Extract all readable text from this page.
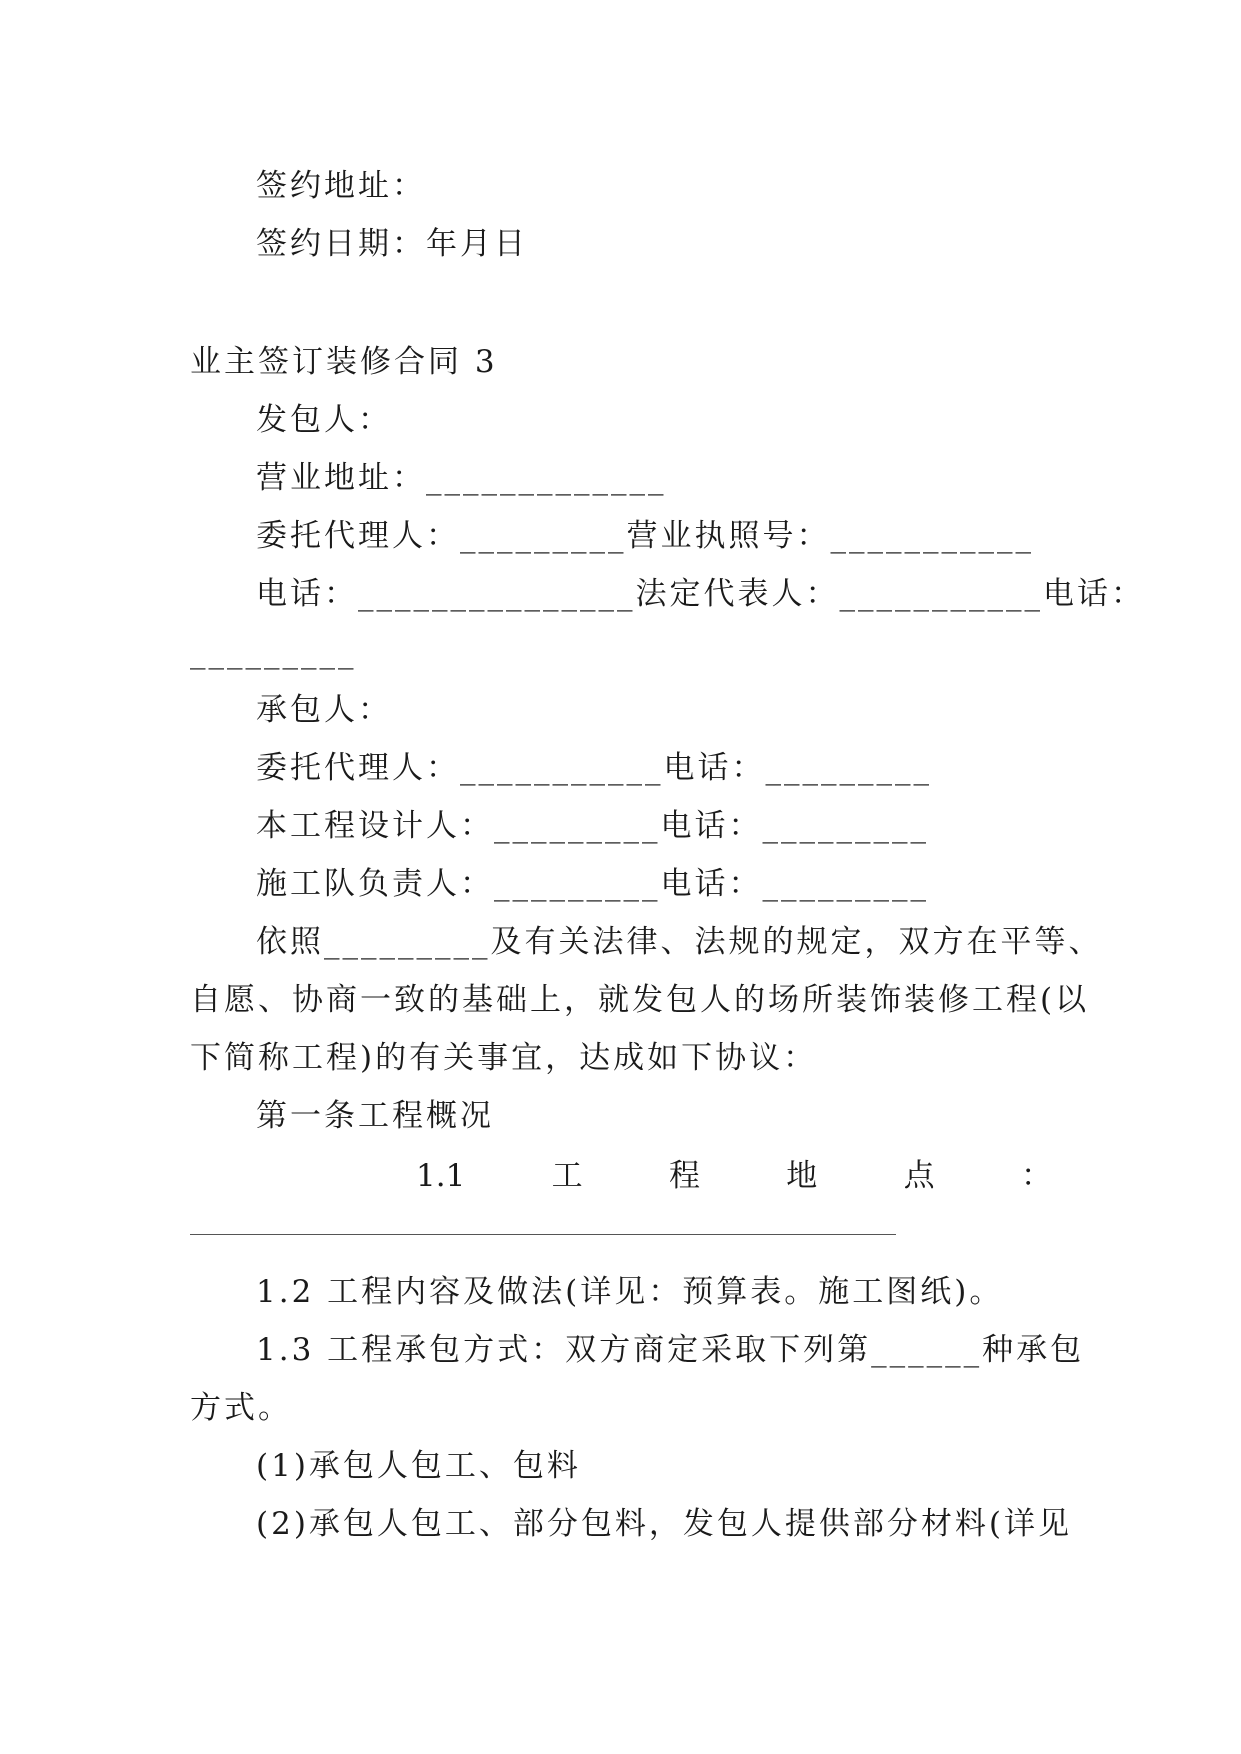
签约地址：
签约日期：年月日
业主签订装修合同 3
发包人：
营业地址：_____________
委托代理人：_________营业执照号：___________
电话：_______________法定代表人：___________电话：
_________
承包人：
委托代理人：___________电话：_________
本工程设计人：_________电话：_________
施工队负责人：_________电话：_________
依照_________及有关法律、法规的规定，双方在平等、
自愿、协商一致的基础上，就发包人的场所装饰装修工程(以
下简称工程)的有关事宜，达成如下协议：
第一条工程概况
1.1	工	程	地	点	：
1.2 工程内容及做法(详见：预算表。施工图纸)。
1.3 工程承包方式：双方商定采取下列第______种承包
方式。
(1)承包人包工、包料
(2)承包人包工、部分包料，发包人提供部分材料(详见
